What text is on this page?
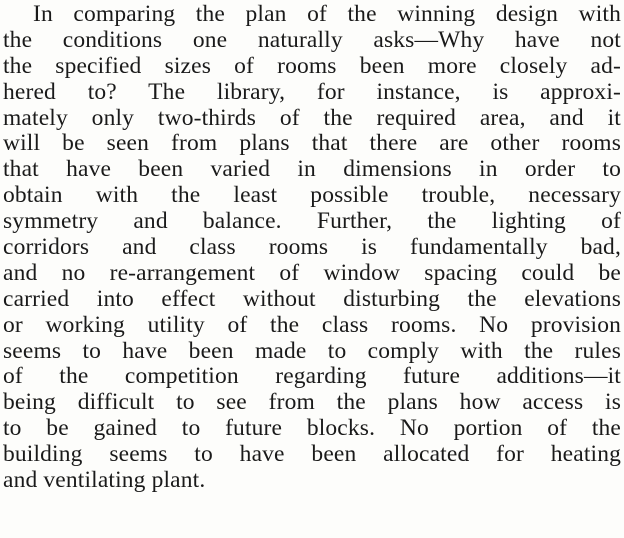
In comparing the plan of the winning design with
the conditions one naturally asks—Why have not
the specified sizes of rooms been more closely ad-
hered to? The library, for instance, is approxi-
mately only two-thirds of the required area, and it
will be seen from plans that there are other rooms
that have been varied in dimensions in order to
obtain with the least possible trouble, necessary
symmetry and balance. Further, the lighting of
corridors and class rooms is fundamentally bad,
and no re-arrangement of window spacing could be
carried into effect without disturbing the elevations
or working utility of the class rooms. No provision
seems to have been made to comply with the rules
of the competition regarding future additions—it
being difficult to see from the plans how access is
to be gained to future blocks. No portion of the
building seems to have been allocated for heating
and ventilating plant.
